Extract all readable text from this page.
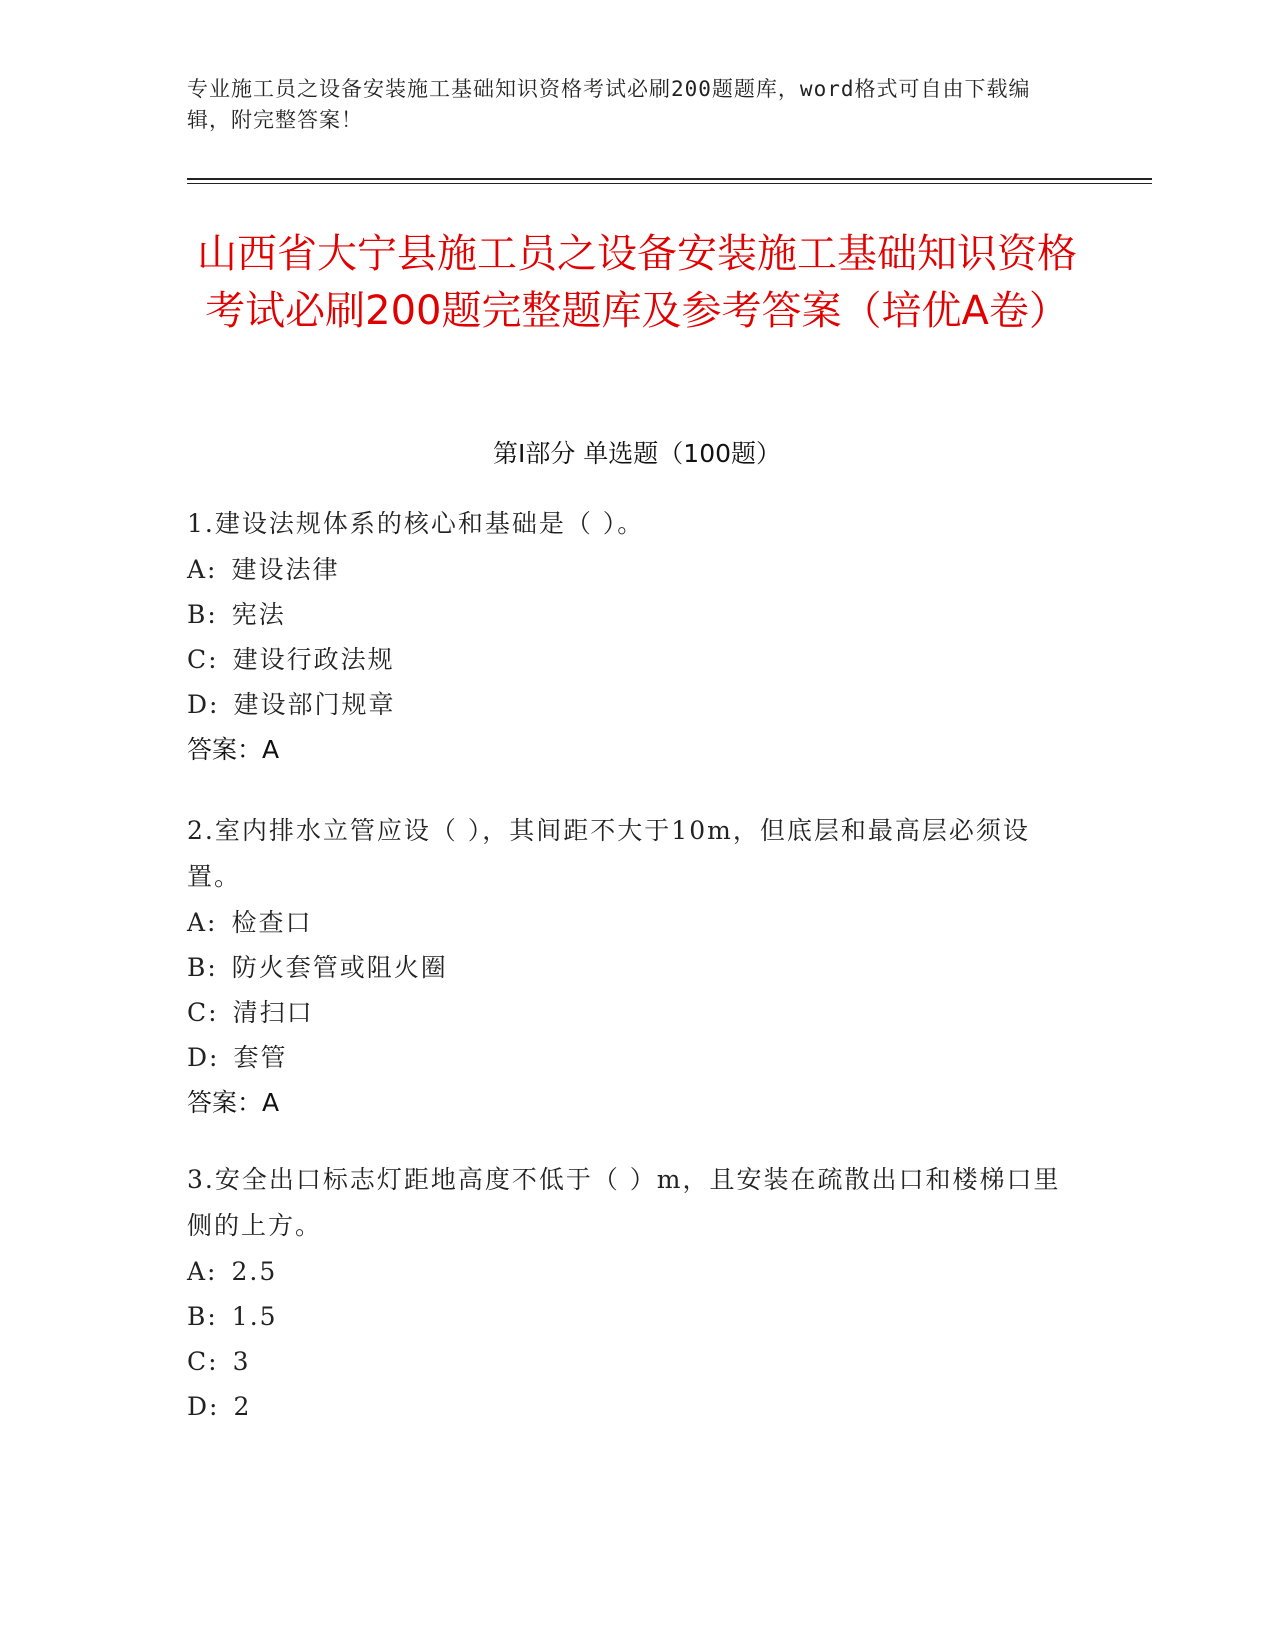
专业施工员之设备安装施工基础知识资格考试必刷200题题库，word格式可自由下载编辑，附完整答案！
山西省大宁县施工员之设备安装施工基础知识资格考试必刷200题完整题库及参考答案（培优A卷）
第I部分 单选题（100题）
1.建设法规体系的核心和基础是（ ）。
A: 建设法律
B: 宪法
C: 建设行政法规
D: 建设部门规章
答案：A
2.室内排水立管应设（ ），其间距不大于10m，但底层和最高层必须设置。
A: 检查口
B: 防火套管或阻火圈
C: 清扫口
D: 套管
答案：A
3.安全出口标志灯距地高度不低于（ ）m，且安装在疏散出口和楼梯口里侧的上方。
A: 2.5
B: 1.5
C: 3
D: 2
